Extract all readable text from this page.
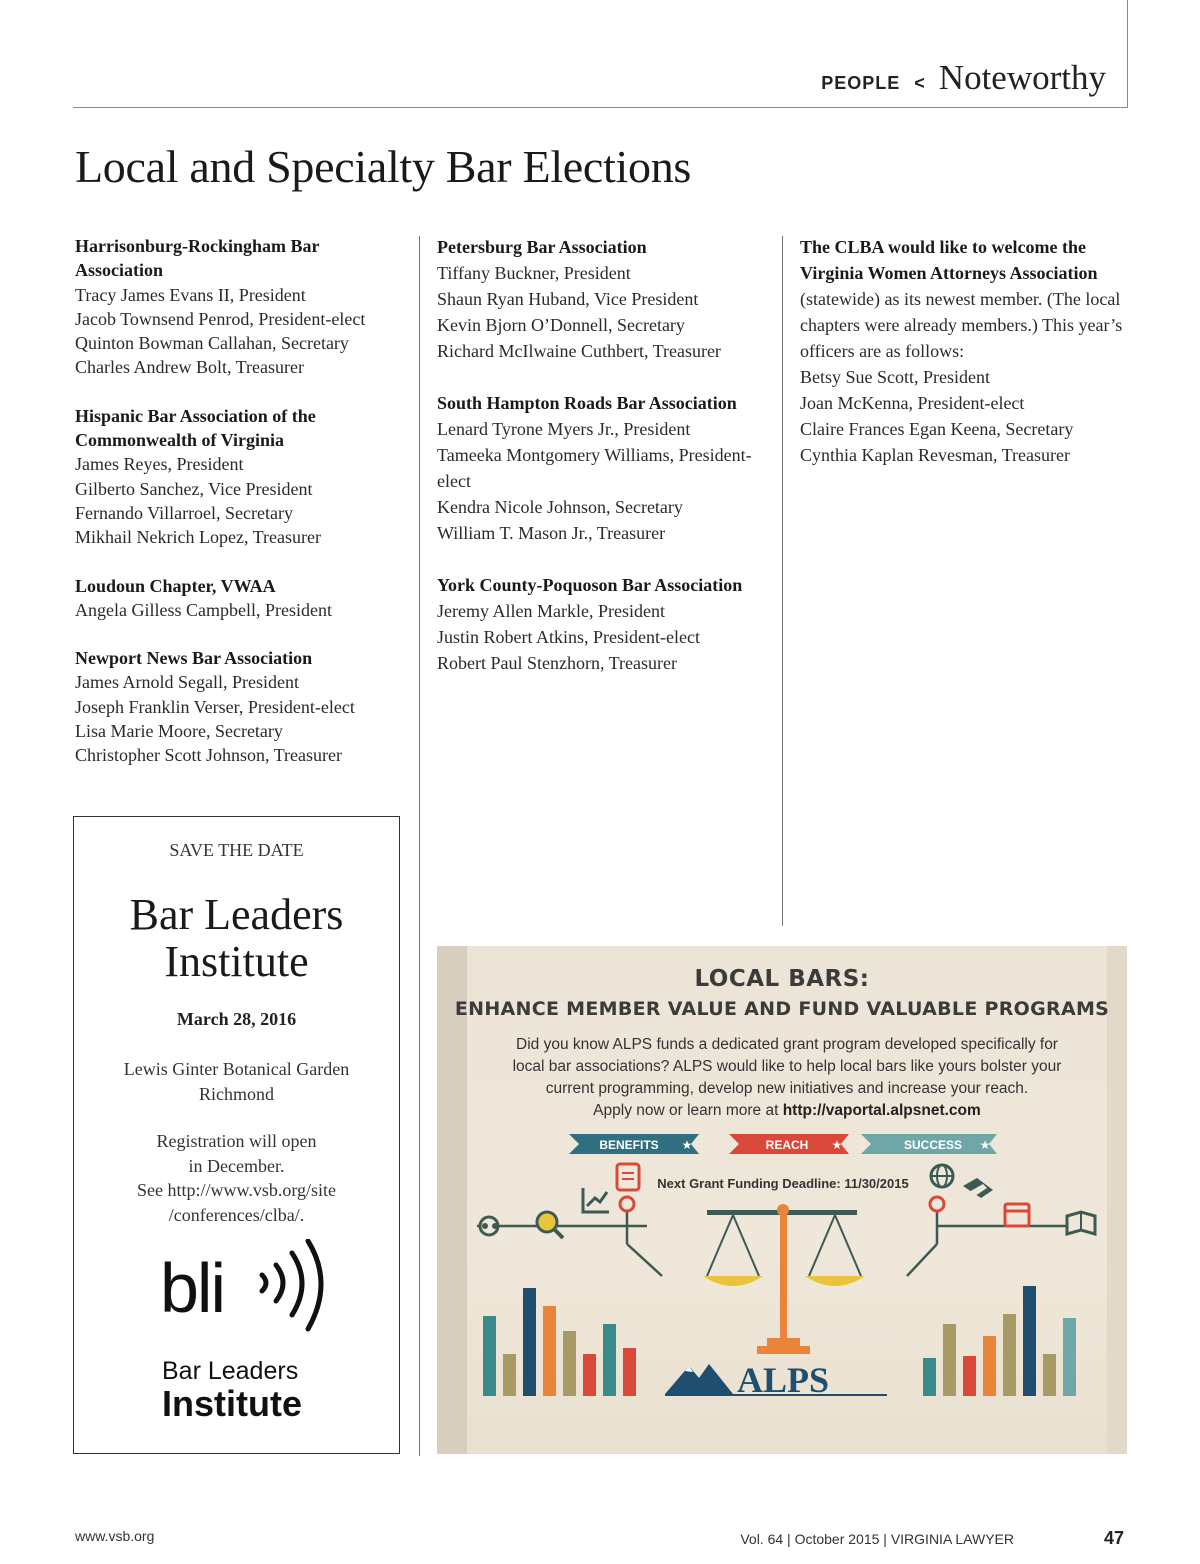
PEOPLE < Noteworthy
Local and Specialty Bar Elections
Harrisonburg-Rockingham Bar Association
Tracy James Evans II, President
Jacob Townsend Penrod, President-elect
Quinton Bowman Callahan, Secretary
Charles Andrew Bolt, Treasurer
Hispanic Bar Association of the Commonwealth of Virginia
James Reyes, President
Gilberto Sanchez, Vice President
Fernando Villarroel, Secretary
Mikhail Nekrich Lopez, Treasurer
Loudoun Chapter, VWAA
Angela Gilless Campbell, President
Newport News Bar Association
James Arnold Segall, President
Joseph Franklin Verser, President-elect
Lisa Marie Moore, Secretary
Christopher Scott Johnson, Treasurer
Petersburg Bar Association
Tiffany Buckner, President
Shaun Ryan Huband, Vice President
Kevin Bjorn O’Donnell, Secretary
Richard McIlwaine Cuthbert, Treasurer
South Hampton Roads Bar Association
Lenard Tyrone Myers Jr., President
Tameeka Montgomery Williams, President-elect
Kendra Nicole Johnson, Secretary
William T. Mason Jr., Treasurer
York County-Poquoson Bar Association
Jeremy Allen Markle, President
Justin Robert Atkins, President-elect
Robert Paul Stenzhorn, Treasurer
The CLBA would like to welcome the Virginia Women Attorneys Association (statewide) as its newest member. (The local chapters were already members.) This year’s officers are as follows:
Betsy Sue Scott, President
Joan McKenna, President-elect
Claire Frances Egan Keena, Secretary
Cynthia Kaplan Revesman, Treasurer
SAVE THE DATE
Bar Leaders
Institute
March 28, 2016
Lewis Ginter Botanical Garden
Richmond
Registration will open
in December.
See http://www.vsb.org/site
/conferences/clba/.
bli
Bar Leaders
Institute
LOCAL BARS:
ENHANCE MEMBER VALUE AND FUND VALUABLE PROGRAMS
Did you know ALPS funds a dedicated grant program developed specifically for
local bar associations? ALPS would like to help local bars like yours bolster your
current programming, develop new initiatives and increase your reach.
Apply now or learn more at http://vaportal.alpsnet.com
BENEFITS ★	REACH ★	SUCCESS ★
Next Grant Funding Deadline: 11/30/2015
ALPS
www.vsb.org	Vol. 64 | October 2015 | VIRGINIA LAWYER	47
